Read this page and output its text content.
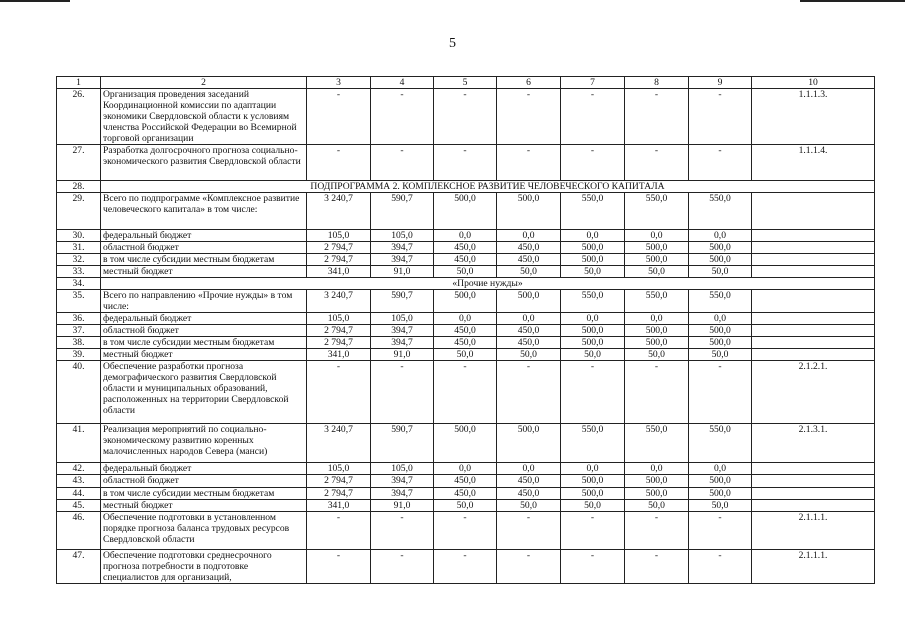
5
1	2	3	4	5	6	7	8	9	10
26.	Организация проведения заседаний Координационной комиссии по адаптации экономики Свердловской области к условиям членства Российской Федерации во Всемирной торговой организации	-	-	-	-	-	-	-	1.1.1.3.
27.	Разработка долгосрочного прогноза социально-экономического развития Свердловской области	-	-	-	-	-	-	-	1.1.1.4.
28.	ПОДПРОГРАММА 2. КОМПЛЕКСНОЕ РАЗВИТИЕ ЧЕЛОВЕЧЕСКОГО КАПИТАЛА								
29.	Всего по подпрограмме «Комплексное развитие человеческого капитала» в том числе:	3 240,7	590,7	500,0	500,0	550,0	550,0	550,0	
30.	федеральный бюджет	105,0	105,0	0,0	0,0	0,0	0,0	0,0	
31.	областной бюджет	2 794,7	394,7	450,0	450,0	500,0	500,0	500,0	
32.	в том числе субсидии местным бюджетам	2 794,7	394,7	450,0	450,0	500,0	500,0	500,0	
33.	местный бюджет	341,0	91,0	50,0	50,0	50,0	50,0	50,0	
34.	«Прочие нужды»								
35.	Всего по направлению «Прочие нужды» в том числе:	3 240,7	590,7	500,0	500,0	550,0	550,0	550,0	
36.	федеральный бюджет	105,0	105,0	0,0	0,0	0,0	0,0	0,0	
37.	областной бюджет	2 794,7	394,7	450,0	450,0	500,0	500,0	500,0	
38.	в том числе субсидии местным бюджетам	2 794,7	394,7	450,0	450,0	500,0	500,0	500,0	
39.	местный бюджет	341,0	91,0	50,0	50,0	50,0	50,0	50,0	
40.	Обеспечение разработки прогноза демографического развития Свердловской области и муниципальных образований, расположенных на территории Свердловской области	-	-	-	-	-	-	-	2.1.2.1.
41.	Реализация мероприятий по социально-экономическому развитию коренных малочисленных народов Севера (манси)	3 240,7	590,7	500,0	500,0	550,0	550,0	550,0	2.1.3.1.
42.	федеральный бюджет	105,0	105,0	0,0	0,0	0,0	0,0	0,0	
43.	областной бюджет	2 794,7	394,7	450,0	450,0	500,0	500,0	500,0	
44.	в том числе субсидии местным бюджетам	2 794,7	394,7	450,0	450,0	500,0	500,0	500,0	
45.	местный бюджет	341,0	91,0	50,0	50,0	50,0	50,0	50,0	
46.	Обеспечение подготовки в установленном порядке прогноза баланса трудовых ресурсов Свердловской области	-	-	-	-	-	-	-	2.1.1.1.
47.	Обеспечение подготовки среднесрочного прогноза потребности в подготовке специалистов для организаций,	-	-	-	-	-	-	-	2.1.1.1.
